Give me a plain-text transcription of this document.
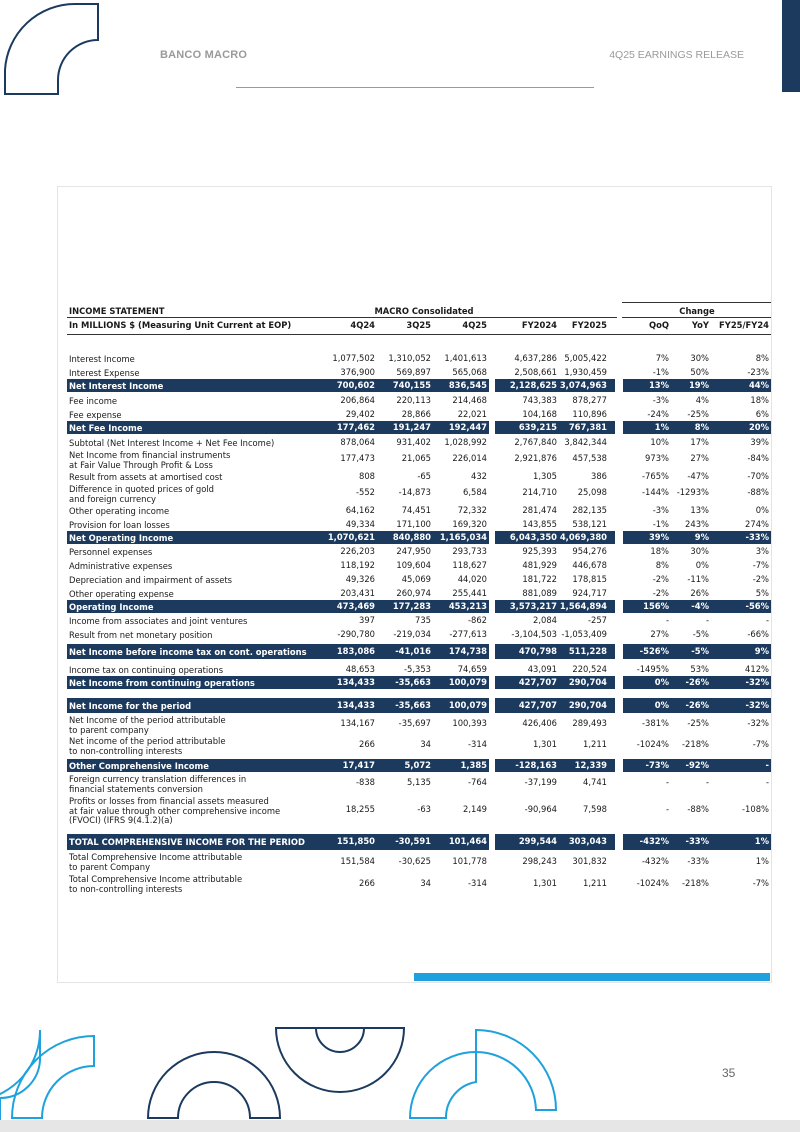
BANCO MACRO	4Q25 EARNINGS RELEASE
INCOME STATEMENT	MACRO Consolidated	Change
In MILLIONS $ (Measuring Unit Current at EOP)	4Q24	3Q25	4Q25	FY2024	FY2025	QoQ	YoY	FY25/FY24
Interest Income	1,077,502	1,310,052	1,401,613	4,637,286 5,005,422	7%	30%	8%
Interest Expense	376,900	569,897	565,068	2,508,661 1,930,459	-1%	50%	-23%
Net Interest Income	700,602	740,155	836,545	2,128,625 3,074,963	13%	19%	44%
Fee income	206,864	220,113	214,468	743,383	878,277	-3%	4%	18%
Fee expense	29,402	28,866	22,021	104,168	110,896	-24%	-25%	6%
Net Fee Income	177,462	191,247	192,447	639,215	767,381	1%	8%	20%
Subtotal (Net Interest Income + Net Fee Income)	878,064	931,402	1,028,992	2,767,840 3,842,344	10%	17%	39%
Net Income from financial instruments
at Fair Value Through Profit & Loss
177,473	21,065	226,014	2,921,876	457,538	973%	27%	-84%
Result from assets at amortised cost	808	-65	432	1,305	386	-765%	-47%	-70%
Difference in quoted prices of gold
and foreign currency
-552	-14,873	6,584	214,710	25,098	-144% -1293%	-88%
Other operating income	64,162	74,451	72,332	281,474	282,135	-3%	13%	0%
Provision for loan losses	49,334	171,100	169,320	143,855	538,121	-1%	243%	274%
Net Operating Income	1,070,621	840,880	1,165,034	6,043,350 4,069,380	39%	9%	-33%
Personnel expenses	226,203	247,950	293,733	925,393	954,276	18%	30%	3%
Administrative expenses	118,192	109,604	118,627	481,929	446,678	8%	0%	-7%
Depreciation and impairment of assets	49,326	45,069	44,020	181,722	178,815	-2%	-11%	-2%
Other operating expense	203,431	260,974	255,441	881,089	924,717	-2%	26%	5%
Operating Income	473,469	177,283	453,213	3,573,217 1,564,894	156%	-4%	-56%
Income from associates and joint ventures	397	735	-862	2,084	-257	-	-	-
Result from net monetary position	-290,780	-219,034	-277,613	-3,104,503 -1,053,409	27%	-5%	-66%
Net Income before income tax on cont. operations	183,086	-41,016	174,738	470,798	511,228	-526%	-5%	9%
Income tax on continuing operations	48,653	-5,353	74,659	43,091	220,524	-1495%	53%	412%
Net Income from continuing operations	134,433	-35,663	100,079	427,707	290,704	0%	-26%	-32%
Net Income for the period	134,433	-35,663	100,079	427,707	290,704	0%	-26%	-32%
Net Income of the period attributable
to parent company
134,167	-35,697	100,393	426,406	289,493	-381%	-25%	-32%
Net income of the period attributable
to non-controlling interests
266	34	-314	1,301	1,211	-1024%	-218%	-7%
Other Comprehensive Income	17,417	5,072	1,385	-128,163	12,339	-73%	-92%	-
Foreign currency translation differences in
financial statements conversion
-838	5,135	-764	-37,199	4,741	-	-	-
Profits or losses from financial assets measured
at fair value through other comprehensive income
(FVOCI) (IFRS 9(4.1.2)(a)
18,255	-63	2,149	-90,964	7,598	-	-88%	-108%
TOTAL COMPREHENSIVE INCOME FOR THE PERIOD	151,850	-30,591	101,464	299,544	303,043	-432%	-33%	1%
Total Comprehensive Income attributable
to parent Company
151,584	-30,625	101,778	298,243	301,832	-432%	-33%	1%
Total Comprehensive Income attributable
to non-controlling interests
266	34	-314	1,301	1,211	-1024%	-218%	-7%
35
